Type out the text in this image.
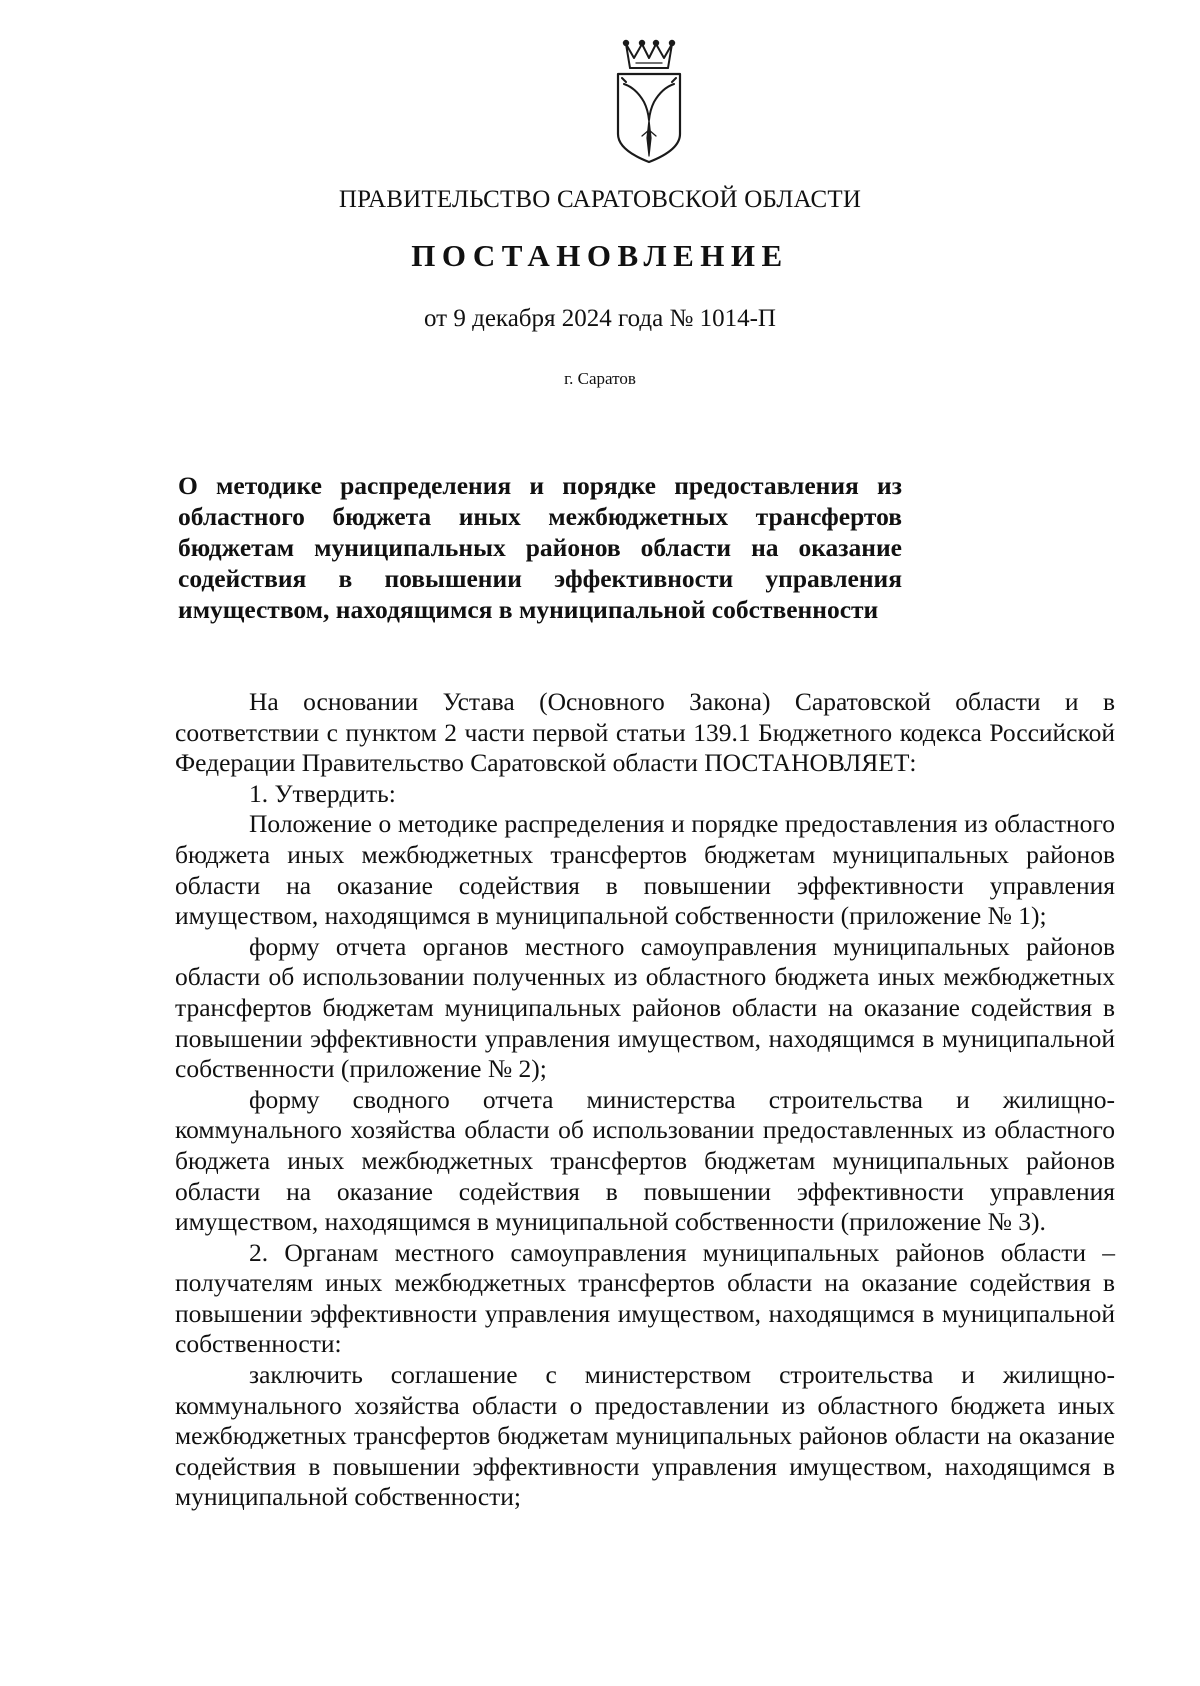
ПРАВИТЕЛЬСТВО САРАТОВСКОЙ ОБЛАСТИ
ПОСТАНОВЛЕНИЕ
от 9 декабря 2024 года № 1014-П
г. Саратов
О методике распределения и порядке предоставления из областного бюджета иных межбюджетных трансфертов бюджетам муниципальных районов области на оказание содействия в повышении эффективности управления имуществом, находящимся в муниципальной собственности

На основании Устава (Основного Закона) Саратовской области и в соответствии с пунктом 2 части первой статьи 139.1 Бюджетного кодекса Российской Федерации Правительство Саратовской области ПОСТАНОВЛЯЕТ:

1. Утвердить:

Положение о методике распределения и порядке предоставления из областного бюджета иных межбюджетных трансфертов бюджетам муниципальных районов области на оказание содействия в повышении эффективности управления имуществом, находящимся в муниципальной собственности (приложение № 1);

форму отчета органов местного самоуправления муниципальных районов области об использовании полученных из областного бюджета иных межбюджетных трансфертов бюджетам муниципальных районов области на оказание содействия в повышении эффективности управления имуществом, находящимся в муниципальной собственности (приложение № 2);

форму сводного отчета министерства строительства и жилищно-коммунального хозяйства области об использовании предоставленных из областного бюджета иных межбюджетных трансфертов бюджетам муниципальных районов области на оказание содействия в повышении эффективности управления имуществом, находящимся в муниципальной собственности (приложение № 3).

2. Органам местного самоуправления муниципальных районов области – получателям иных межбюджетных трансфертов области на оказание содействия в повышении эффективности управления имуществом, находящимся в муниципальной собственности:

заключить соглашение с министерством строительства и жилищно-коммунального хозяйства области о предоставлении из областного бюджета иных межбюджетных трансфертов бюджетам муниципальных районов области на оказание содействия в повышении эффективности управления имуществом, находящимся в муниципальной собственности;
